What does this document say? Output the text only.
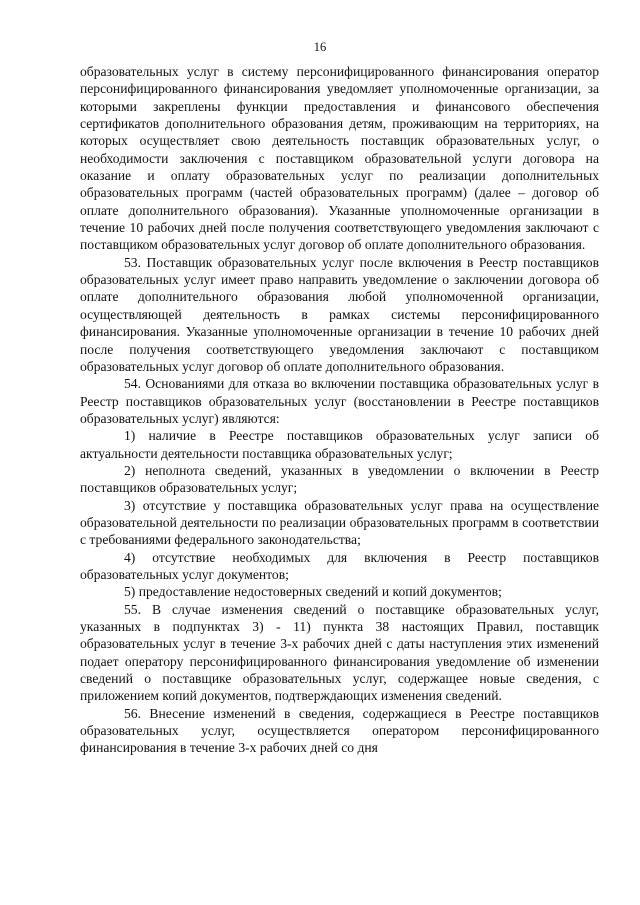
16

образовательных услуг в систему персонифицированного финансирования оператор персонифицированного финансирования уведомляет уполномоченные организации, за которыми закреплены функции предоставления и финансового обеспечения сертификатов дополнительного образования детям, проживающим на территориях, на которых осуществляет свою деятельность поставщик образовательных услуг, о необходимости заключения с поставщиком образовательной услуги договора на оказание и оплату образовательных услуг по реализации дополнительных образовательных программ (частей образовательных программ) (далее – договор об оплате дополнительного образования). Указанные уполномоченные организации в течение 10 рабочих дней после получения соответствующего уведомления заключают с поставщиком образовательных услуг договор об оплате дополнительного образования.

53. Поставщик образовательных услуг после включения в Реестр поставщиков образовательных услуг имеет право направить уведомление о заключении договора об оплате дополнительного образования любой уполномоченной организации, осуществляющей деятельность в рамках системы персонифицированного финансирования. Указанные уполномоченные организации в течение 10 рабочих дней после получения соответствующего уведомления заключают с поставщиком образовательных услуг договор об оплате дополнительного образования.

54. Основаниями для отказа во включении поставщика образовательных услуг в Реестр поставщиков образовательных услуг (восстановлении в Реестре поставщиков образовательных услуг) являются:

1) наличие в Реестре поставщиков образовательных услуг записи об актуальности деятельности поставщика образовательных услуг;

2) неполнота сведений, указанных в уведомлении о включении в Реестр поставщиков образовательных услуг;

3) отсутствие у поставщика образовательных услуг права на осуществление образовательной деятельности по реализации образовательных программ в соответствии с требованиями федерального законодательства;

4) отсутствие необходимых для включения в Реестр поставщиков образовательных услуг документов;

5) предоставление недостоверных сведений и копий документов;

55. В случае изменения сведений о поставщике образовательных услуг, указанных в подпунктах 3) - 11) пункта 38 настоящих Правил, поставщик образовательных услуг в течение 3-х рабочих дней с даты наступления этих изменений подает оператору персонифицированного финансирования уведомление об изменении сведений о поставщике образовательных услуг, содержащее новые сведения, с приложением копий документов, подтверждающих изменения сведений.

56. Внесение изменений в сведения, содержащиеся в Реестре поставщиков образовательных услуг, осуществляется оператором персонифицированного финансирования в течение 3-х рабочих дней со дня
